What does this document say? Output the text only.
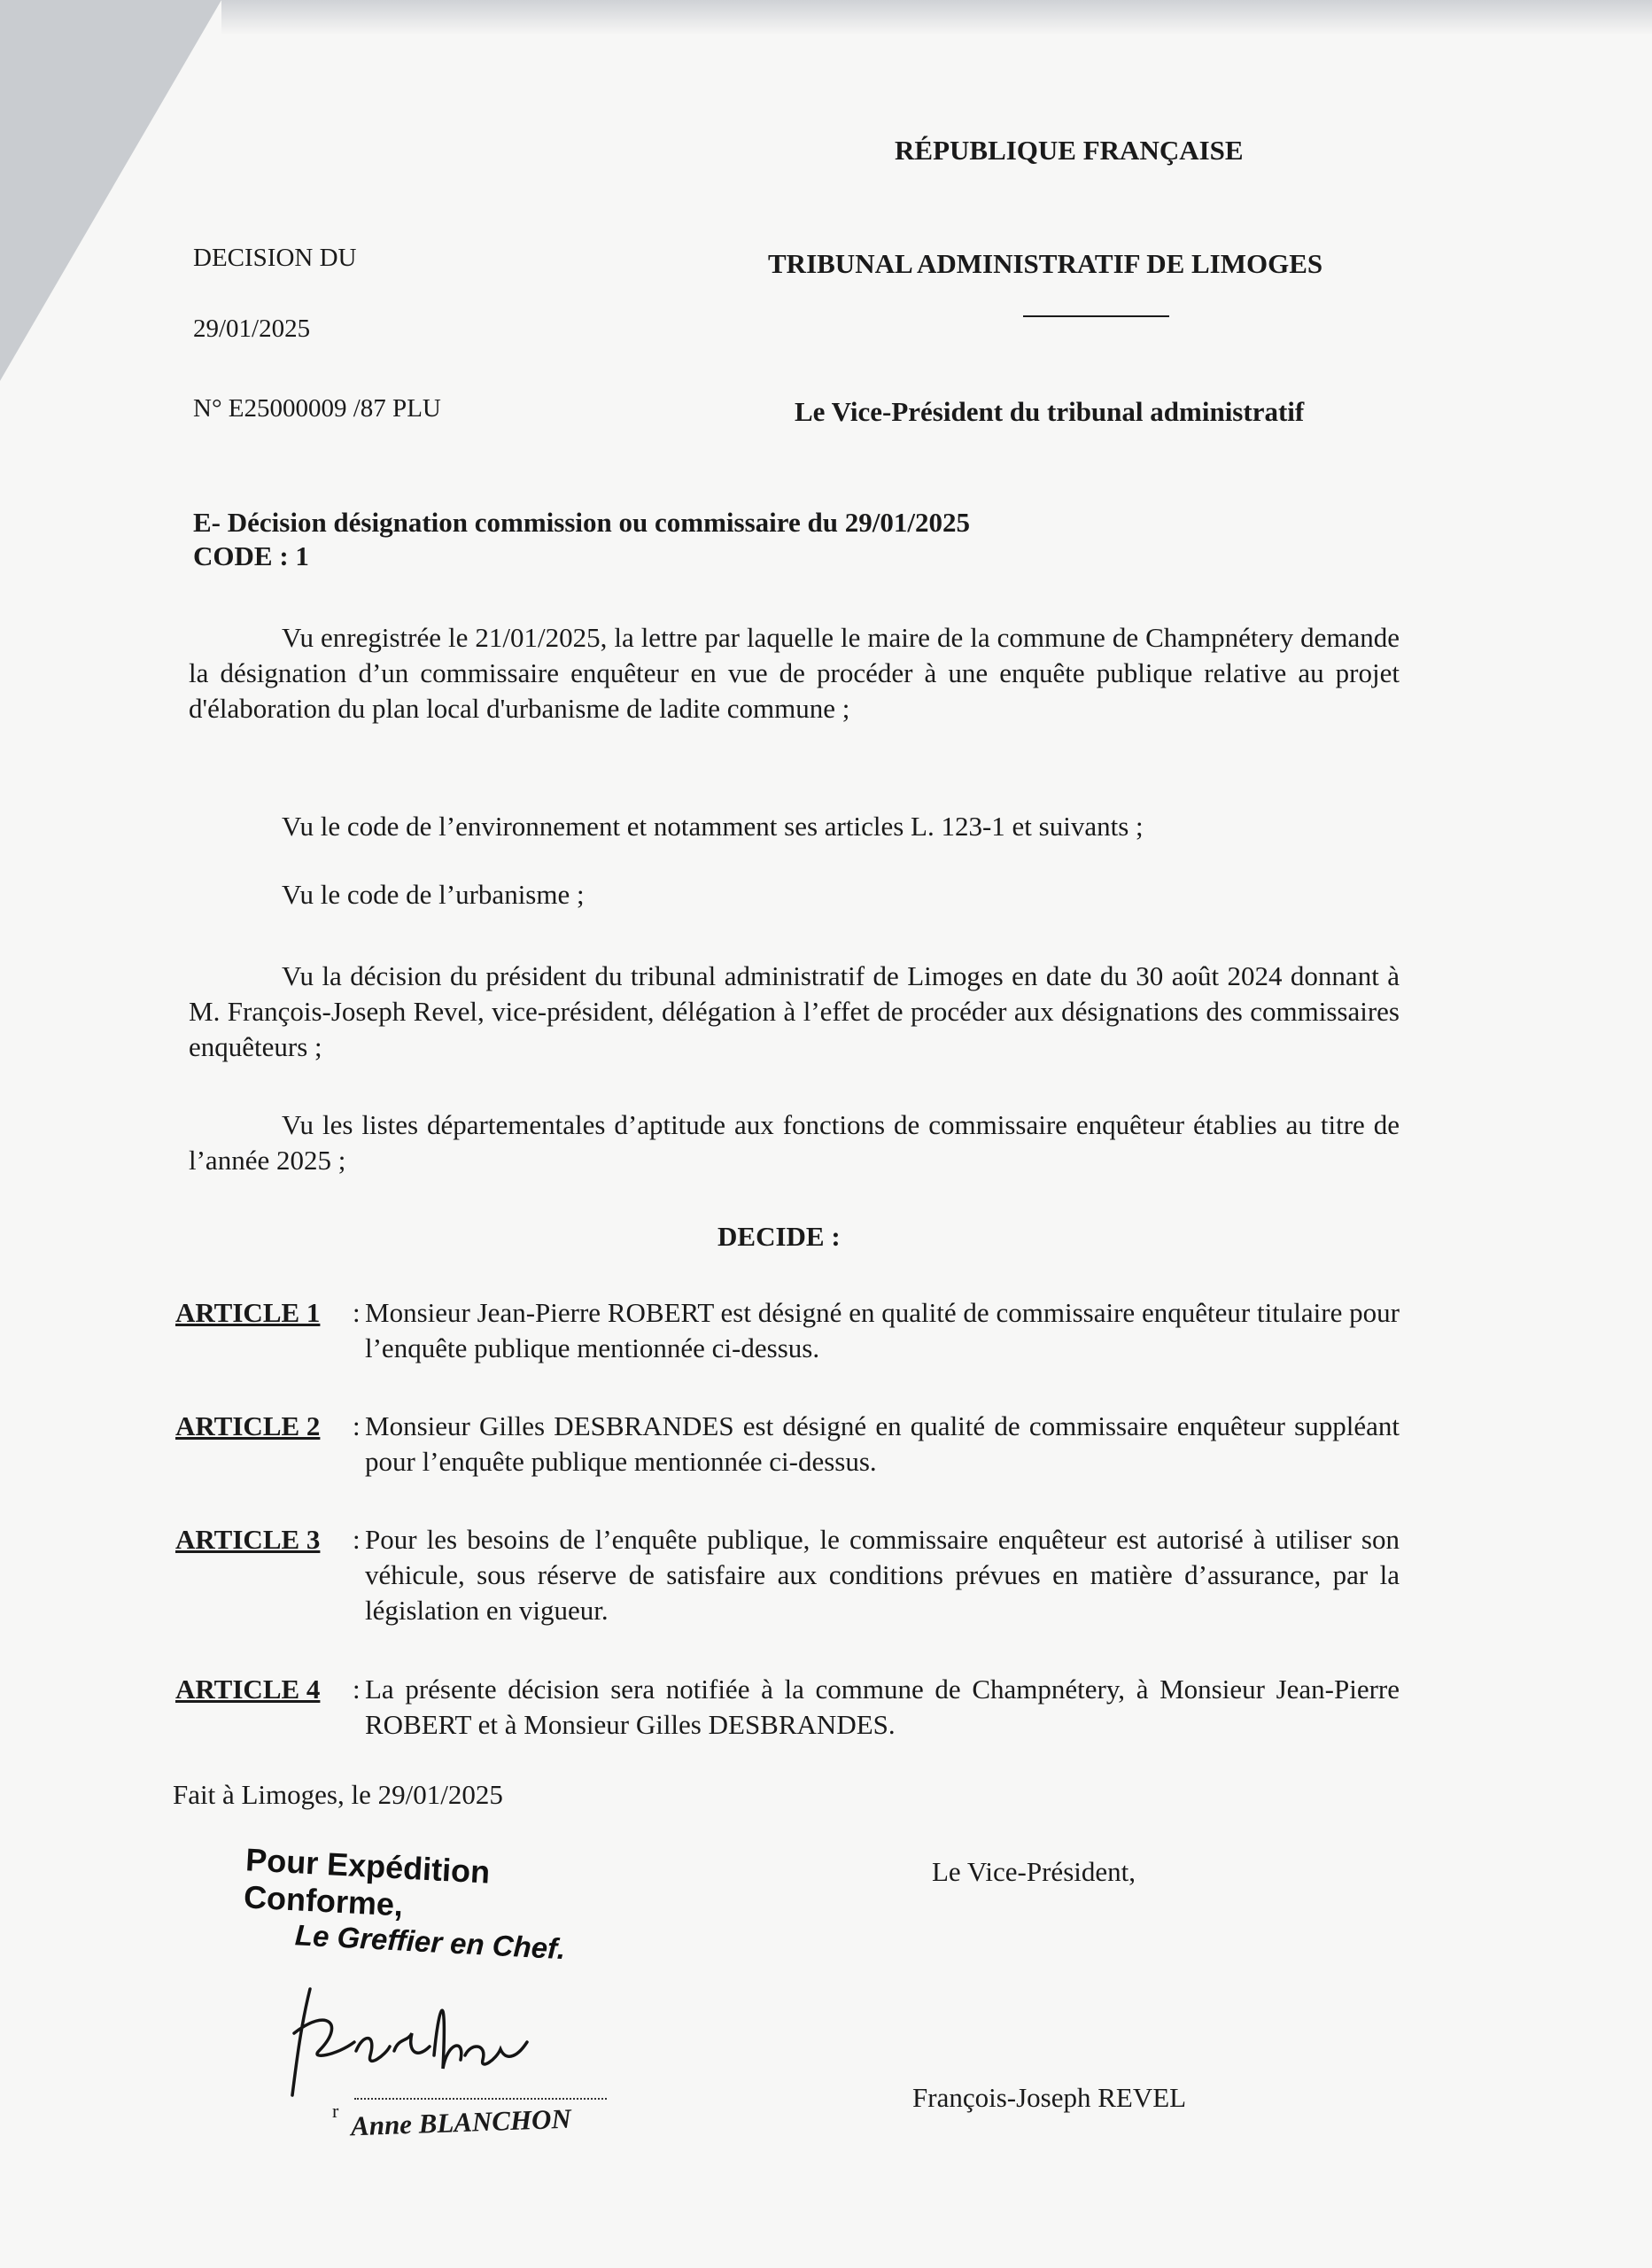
RÉPUBLIQUE FRANÇAISE
DECISION DU	TRIBUNAL ADMINISTRATIF DE LIMOGES
29/01/2025
N° E25000009 /87 PLU	Le Vice-Président du tribunal administratif
E- Décision désignation commission ou commissaire du 29/01/2025
CODE : 1
Vu enregistrée le 21/01/2025, la lettre par laquelle le maire de la commune de Champnétery demande la désignation d’un commissaire enquêteur en vue de procéder à une enquête publique relative au projet d'élaboration du plan local d'urbanisme de ladite commune ;
Vu le code de l’environnement et notamment ses articles L. 123-1 et suivants ;
Vu le code de l’urbanisme ;
Vu la décision du président du tribunal administratif de Limoges en date du 30 août 2024 donnant à M. François-Joseph Revel, vice-président, délégation à l’effet de procéder aux désignations des commissaires enquêteurs ;
Vu les listes départementales d’aptitude aux fonctions de commissaire enquêteur établies au titre de l’année 2025 ;
DECIDE :
ARTICLE 1 : Monsieur Jean-Pierre ROBERT est désigné en qualité de commissaire enquêteur titulaire pour l’enquête publique mentionnée ci-dessus.
ARTICLE 2 : Monsieur Gilles DESBRANDES est désigné en qualité de commissaire enquêteur suppléant pour l’enquête publique mentionnée ci-dessus.
ARTICLE 3 : Pour les besoins de l’enquête publique, le commissaire enquêteur est autorisé à utiliser son véhicule, sous réserve de satisfaire aux conditions prévues en matière d’assurance, par la législation en vigueur.
ARTICLE 4 : La présente décision sera notifiée à la commune de Champnétery, à Monsieur Jean-Pierre ROBERT et à Monsieur Gilles DESBRANDES.
Fait à Limoges, le 29/01/2025
Le Vice-Président,
Pour Expédition Conforme,
Le Greffier en Chef.
r Anne BLANCHON
François-Joseph REVEL
